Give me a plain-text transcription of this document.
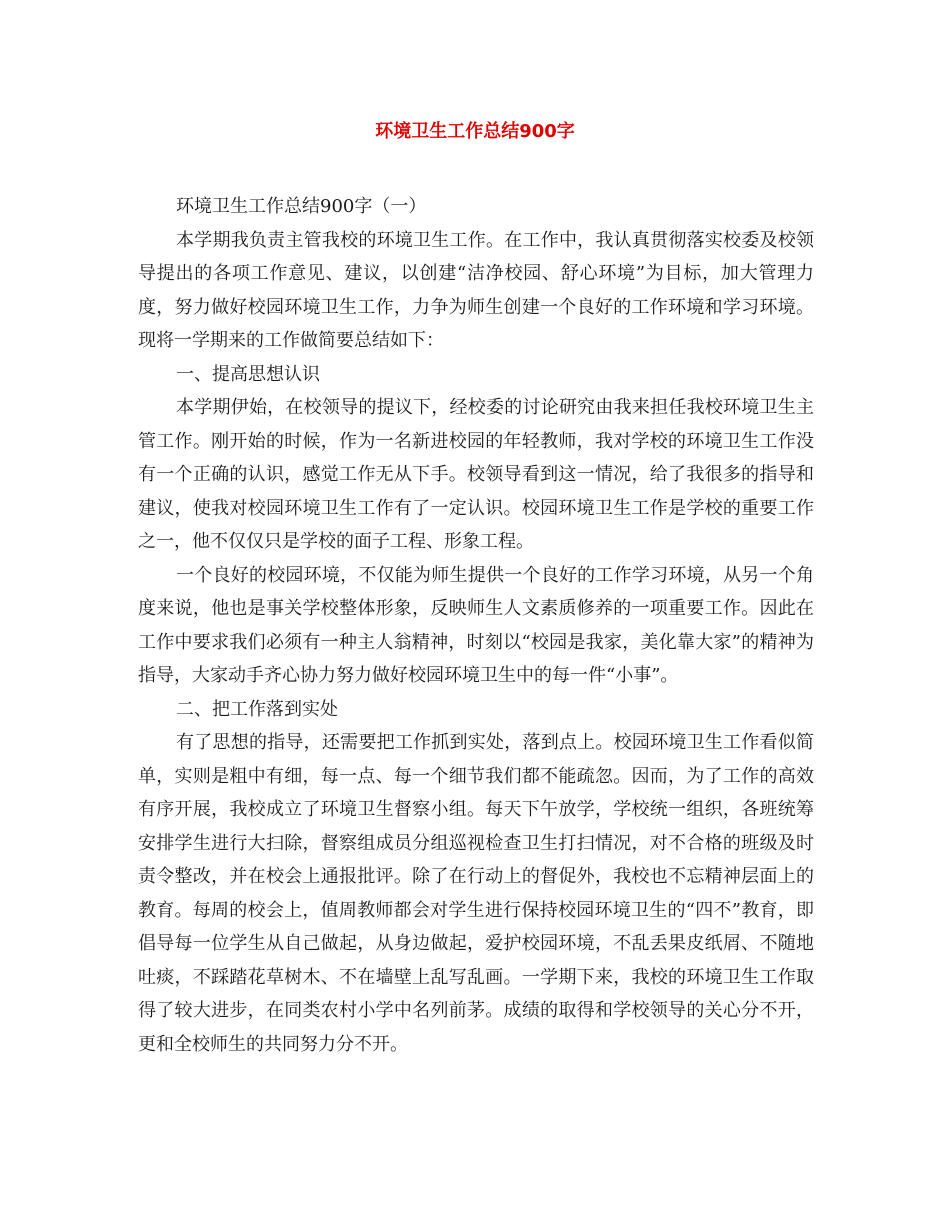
环境卫生工作总结900字

环境卫生工作总结900字（一）

本学期我负责主管我校的环境卫生工作。在工作中，我认真贯彻落实校委及校领导提出的各项工作意见、建议，以创建“洁净校园、舒心环境”为目标，加大管理力度，努力做好校园环境卫生工作，力争为师生创建一个良好的工作环境和学习环境。现将一学期来的工作做简要总结如下：

一、提高思想认识

本学期伊始，在校领导的提议下，经校委的讨论研究由我来担任我校环境卫生主管工作。刚开始的时候，作为一名新进校园的年轻教师，我对学校的环境卫生工作没有一个正确的认识，感觉工作无从下手。校领导看到这一情况，给了我很多的指导和建议，使我对校园环境卫生工作有了一定认识。校园环境卫生工作是学校的重要工作之一，他不仅仅只是学校的面子工程、形象工程。

一个良好的校园环境，不仅能为师生提供一个良好的工作学习环境，从另一个角度来说，他也是事关学校整体形象，反映师生人文素质修养的一项重要工作。因此在工作中要求我们必须有一种主人翁精神，时刻以“校园是我家，美化靠大家”的精神为指导，大家动手齐心协力努力做好校园环境卫生中的每一件“小事”。

二、把工作落到实处

有了思想的指导，还需要把工作抓到实处，落到点上。校园环境卫生工作看似简单，实则是粗中有细，每一点、每一个细节我们都不能疏忽。因而，为了工作的高效有序开展，我校成立了环境卫生督察小组。每天下午放学，学校统一组织，各班统筹安排学生进行大扫除，督察组成员分组巡视检查卫生打扫情况，对不合格的班级及时责令整改，并在校会上通报批评。除了在行动上的督促外，我校也不忘精神层面上的教育。每周的校会上，值周教师都会对学生进行保持校园环境卫生的“四不”教育，即倡导每一位学生从自己做起，从身边做起，爱护校园环境，不乱丢果皮纸屑、不随地吐痰，不踩踏花草树木、不在墙壁上乱写乱画。一学期下来，我校的环境卫生工作取得了较大进步，在同类农村小学中名列前茅。成绩的取得和学校领导的关心分不开，更和全校师生的共同努力分不开。
